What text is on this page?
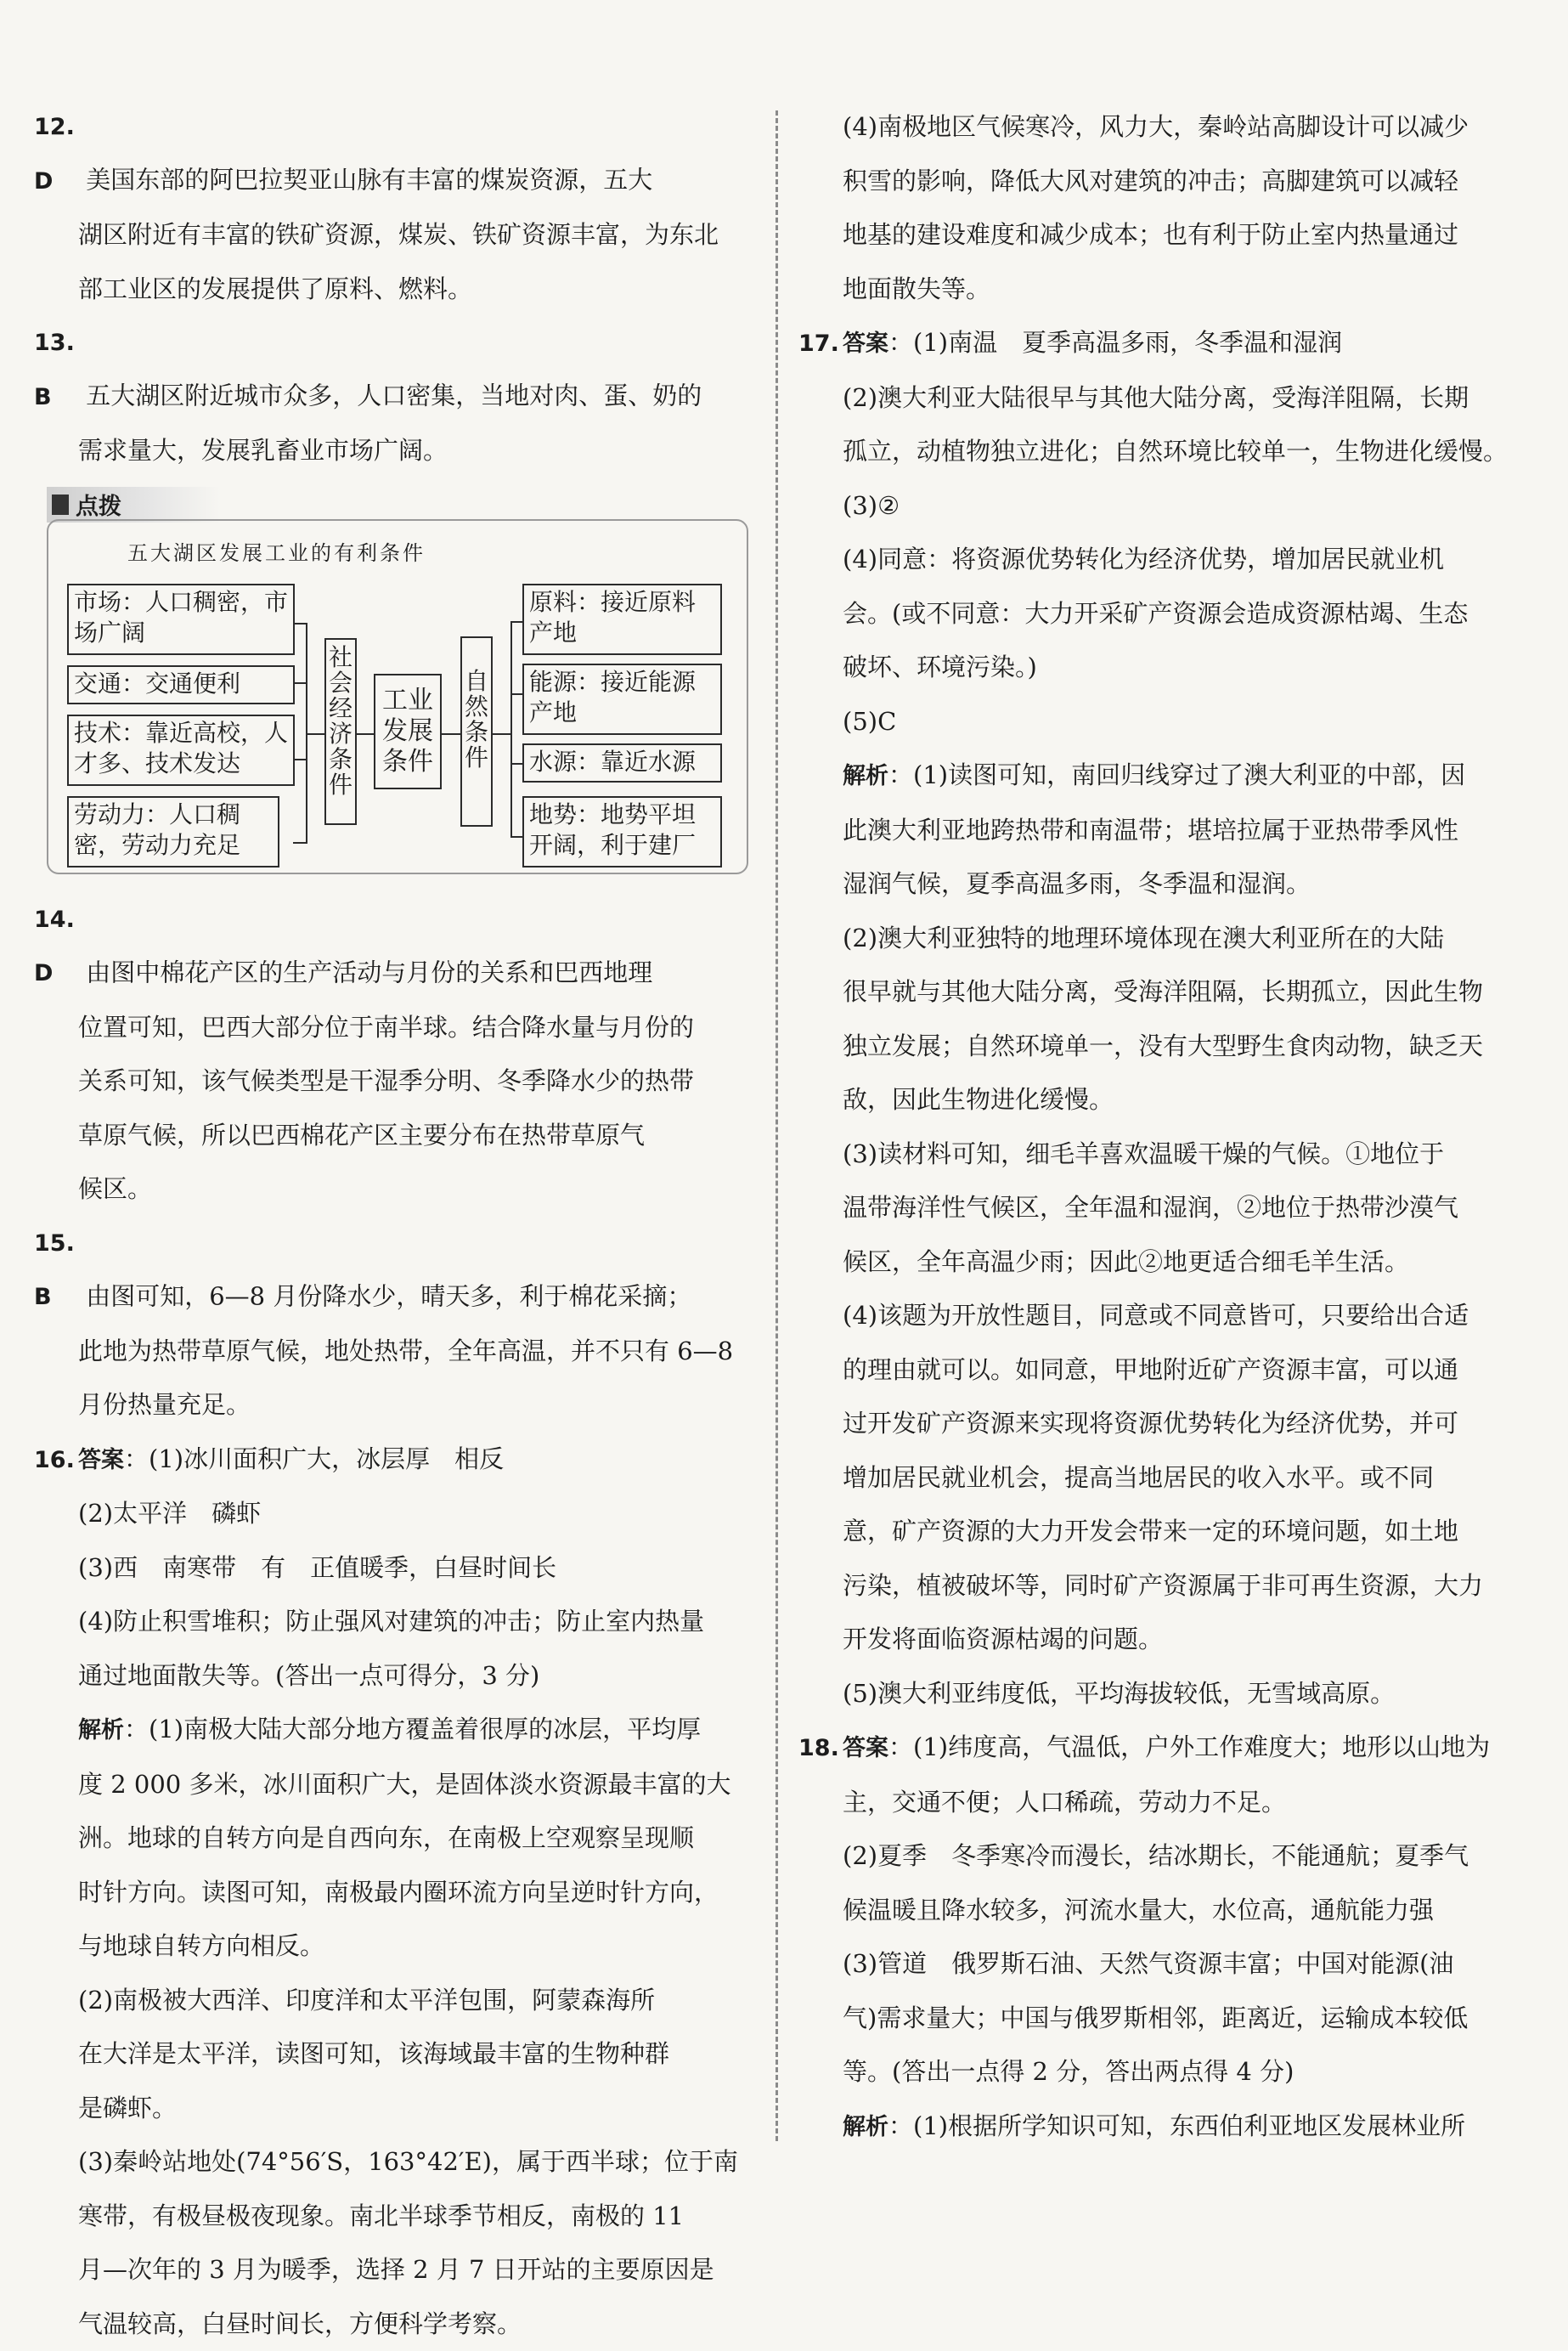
12. D 美国东部的阿巴拉契亚山脉有丰富的煤炭资源，五大

湖区附近有丰富的铁矿资源，煤炭、铁矿资源丰富，为东北

部工业区的发展提供了原料、燃料。

13. B 五大湖区附近城市众多，人口密集，当地对肉、蛋、奶的

需求量大，发展乳畜业市场广阔。

点拨
五大湖区发展工业的有利条件
市场：人口稠密，市场广阔
交通：交通便利
技术：靠近高校，人才多、技术发达
劳动力：人口稠密，劳动力充足
社会经济条件
工业发展条件
自然条件
原料：接近原料产地
能源：接近能源产地
水源：靠近水源
地势：地势平坦开阔，利于建厂

14. D 由图中棉花产区的生产活动与月份的关系和巴西地理

位置可知，巴西大部分位于南半球。结合降水量与月份的

关系可知，该气候类型是干湿季分明、冬季降水少的热带

草原气候，所以巴西棉花产区主要分布在热带草原气

候区。

15. B 由图可知，6—8 月份降水少，晴天多，利于棉花采摘；

此地为热带草原气候，地处热带，全年高温，并不只有 6—8

月份热量充足。

16. 答案：(1)冰川面积广大，冰层厚　相反

(2)太平洋　磷虾

(3)西　南寒带　有　正值暖季，白昼时间长

(4)防止积雪堆积；防止强风对建筑的冲击；防止室内热量

通过地面散失等。(答出一点可得分，3 分)

解析：(1)南极大陆大部分地方覆盖着很厚的冰层，平均厚

度 2 000 多米，冰川面积广大，是固体淡水资源最丰富的大

洲。地球的自转方向是自西向东，在南极上空观察呈现顺

时针方向。读图可知，南极最内圈环流方向呈逆时针方向，

与地球自转方向相反。

(2)南极被大西洋、印度洋和太平洋包围，阿蒙森海所

在大洋是太平洋，读图可知，该海域最丰富的生物种群

是磷虾。

(3)秦岭站地处(74°56′S，163°42′E)，属于西半球；位于南

寒带，有极昼极夜现象。南北半球季节相反，南极的 11

月—次年的 3 月为暖季，选择 2 月 7 日开站的主要原因是

气温较高，白昼时间长，方便科学考察。

(4)南极地区气候寒冷，风力大，秦岭站高脚设计可以减少

积雪的影响，降低大风对建筑的冲击；高脚建筑可以减轻

地基的建设难度和减少成本；也有利于防止室内热量通过

地面散失等。

17. 答案：(1)南温　夏季高温多雨，冬季温和湿润

(2)澳大利亚大陆很早与其他大陆分离，受海洋阻隔，长期

孤立，动植物独立进化；自然环境比较单一，生物进化缓慢。

(3)②

(4)同意：将资源优势转化为经济优势，增加居民就业机

会。(或不同意：大力开采矿产资源会造成资源枯竭、生态

破坏、环境污染。)

(5)C

解析：(1)读图可知，南回归线穿过了澳大利亚的中部，因

此澳大利亚地跨热带和南温带；堪培拉属于亚热带季风性

湿润气候，夏季高温多雨，冬季温和湿润。

(2)澳大利亚独特的地理环境体现在澳大利亚所在的大陆

很早就与其他大陆分离，受海洋阻隔，长期孤立，因此生物

独立发展；自然环境单一，没有大型野生食肉动物，缺乏天

敌，因此生物进化缓慢。

(3)读材料可知，细毛羊喜欢温暖干燥的气候。①地位于

温带海洋性气候区，全年温和湿润，②地位于热带沙漠气

候区，全年高温少雨；因此②地更适合细毛羊生活。

(4)该题为开放性题目，同意或不同意皆可，只要给出合适

的理由就可以。如同意，甲地附近矿产资源丰富，可以通

过开发矿产资源来实现将资源优势转化为经济优势，并可

增加居民就业机会，提高当地居民的收入水平。或不同

意，矿产资源的大力开发会带来一定的环境问题，如土地

污染，植被破坏等，同时矿产资源属于非可再生资源，大力

开发将面临资源枯竭的问题。

(5)澳大利亚纬度低，平均海拔较低，无雪域高原。

18. 答案：(1)纬度高，气温低，户外工作难度大；地形以山地为

主，交通不便；人口稀疏，劳动力不足。

(2)夏季　冬季寒冷而漫长，结冰期长，不能通航；夏季气

候温暖且降水较多，河流水量大，水位高，通航能力强

(3)管道　俄罗斯石油、天然气资源丰富；中国对能源(油

气)需求量大；中国与俄罗斯相邻，距离近，运输成本较低

等。(答出一点得 2 分，答出两点得 4 分)

解析：(1)根据所学知识可知，东西伯利亚地区发展林业所
